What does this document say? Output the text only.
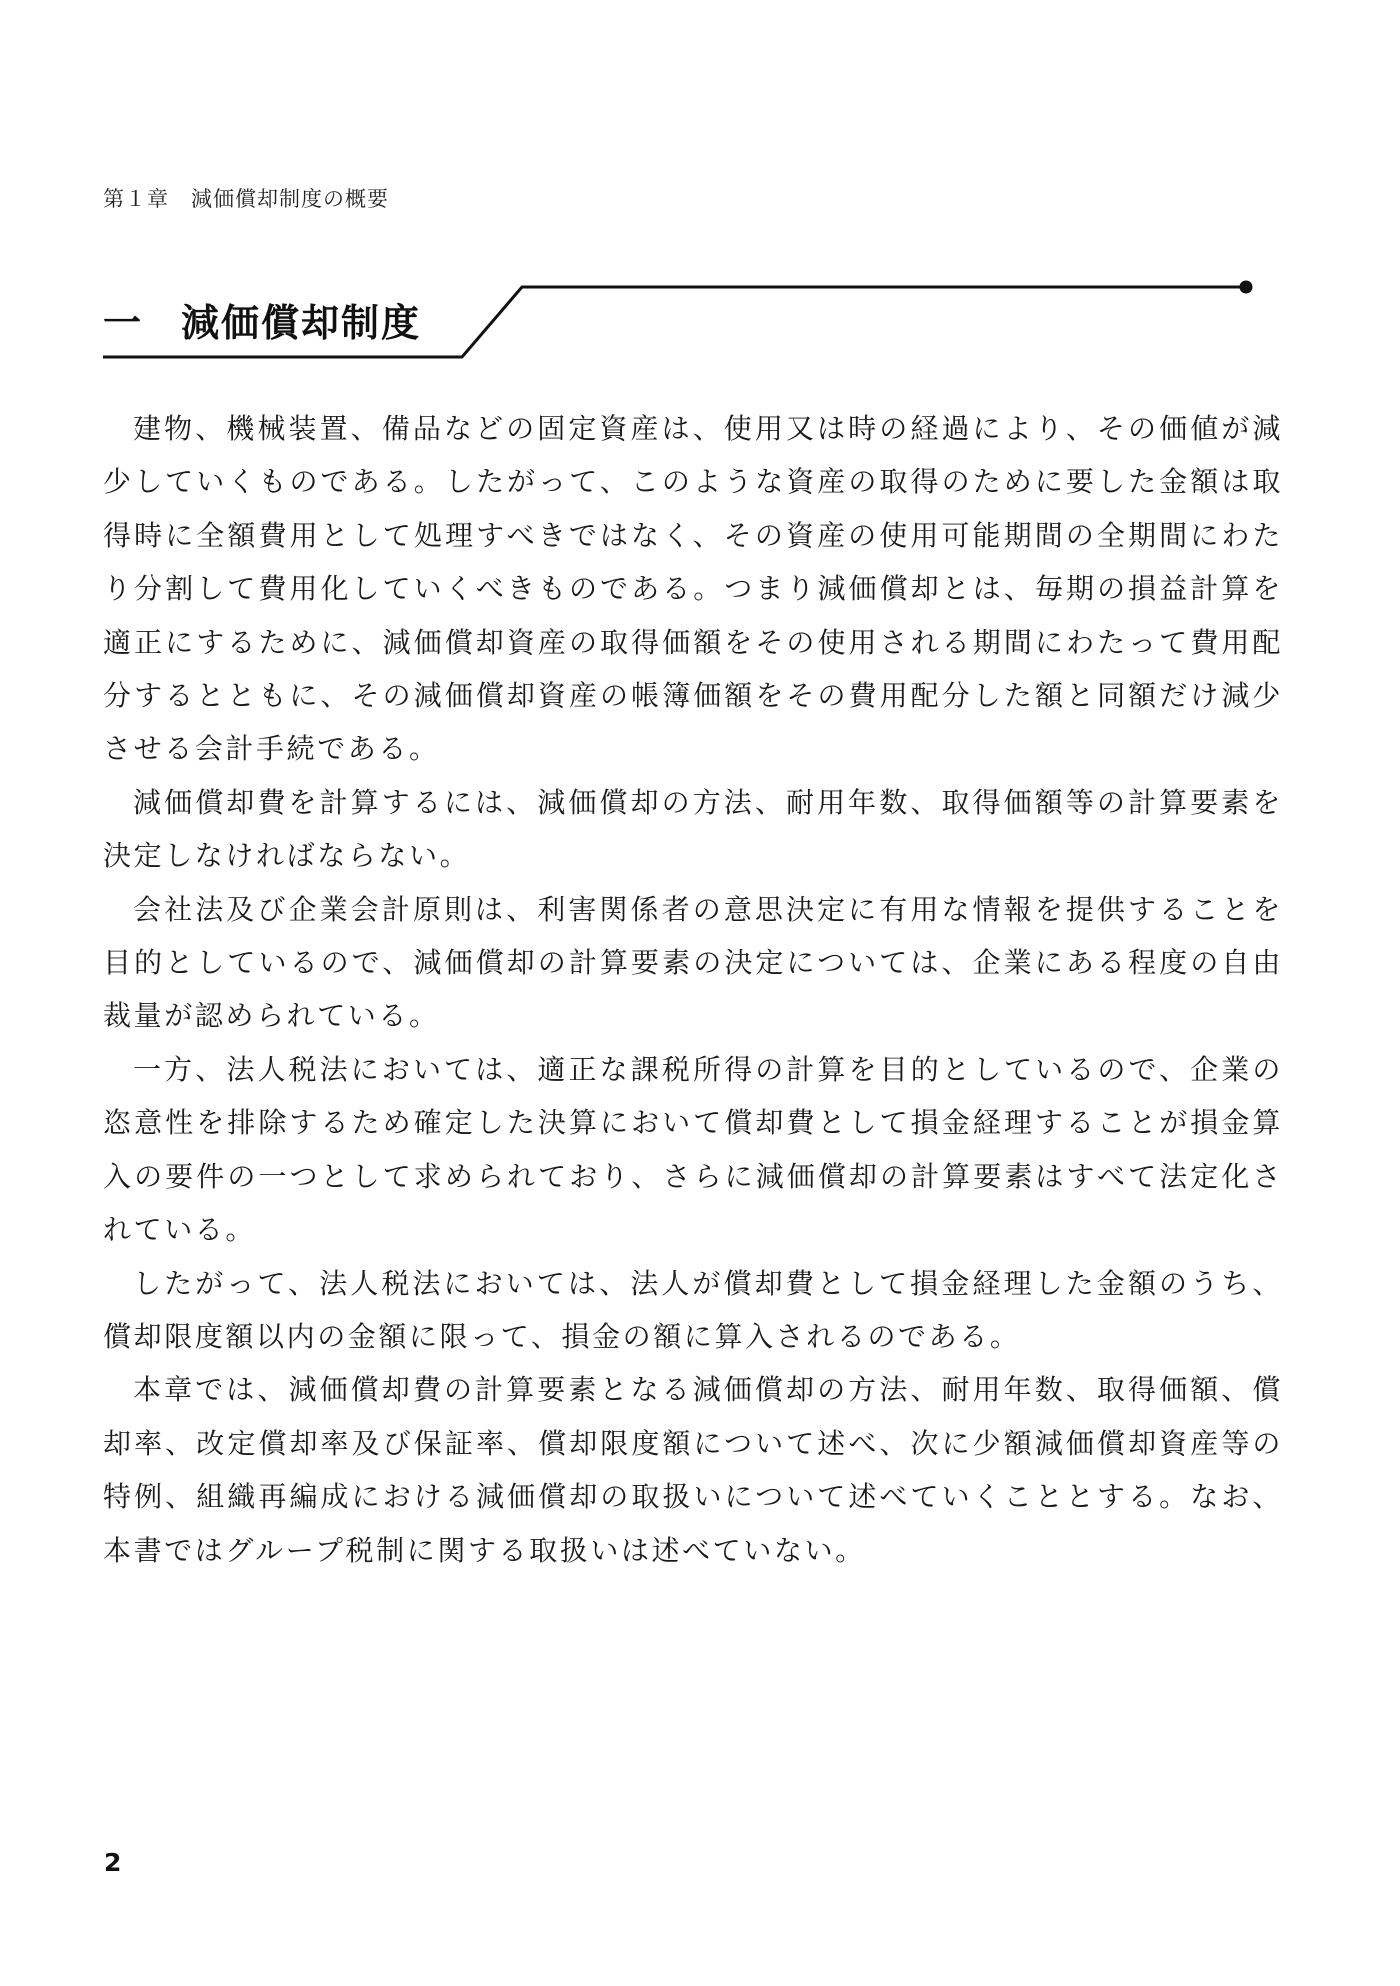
第１章 減価償却制度の概要
一 減価償却制度

建物、機械装置、備品などの固定資産は、使用又は時の経過により、その価値が減少していくものである。したがって、このような資産の取得のために要した金額は取得時に全額費用として処理すべきではなく、その資産の使用可能期間の全期間にわたり分割して費用化していくべきものである。つまり減価償却とは、毎期の損益計算を適正にするために、減価償却資産の取得価額をその使用される期間にわたって費用配分するとともに、その減価償却資産の帳簿価額をその費用配分した額と同額だけ減少させる会計手続である。

減価償却費を計算するには、減価償却の方法、耐用年数、取得価額等の計算要素を決定しなければならない。

会社法及び企業会計原則は、利害関係者の意思決定に有用な情報を提供することを目的としているので、減価償却の計算要素の決定については、企業にある程度の自由裁量が認められている。

一方、法人税法においては、適正な課税所得の計算を目的としているので、企業の恣意性を排除するため確定した決算において償却費として損金経理することが損金算入の要件の一つとして求められており、さらに減価償却の計算要素はすべて法定化されている。

したがって、法人税法においては、法人が償却費として損金経理した金額のうち、償却限度額以内の金額に限って、損金の額に算入されるのである。

本章では、減価償却費の計算要素となる減価償却の方法、耐用年数、取得価額、償却率、改定償却率及び保証率、償却限度額について述べ、次に少額減価償却資産等の特例、組織再編成における減価償却の取扱いについて述べていくこととする。なお、本書ではグループ税制に関する取扱いは述べていない。

2
